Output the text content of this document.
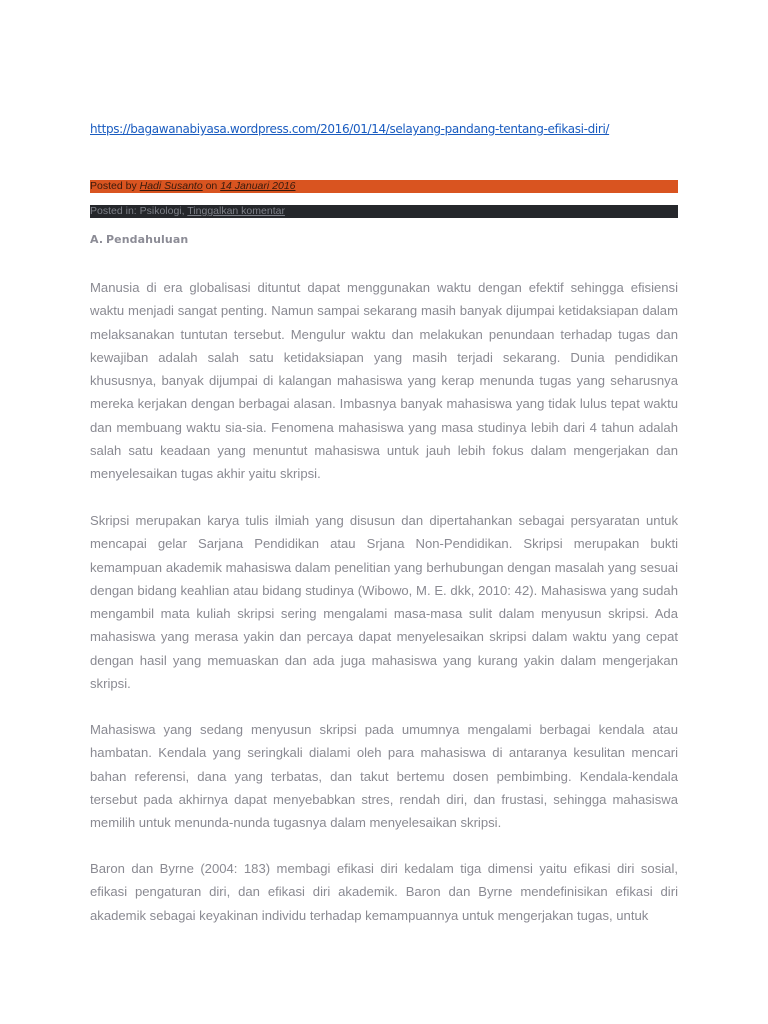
https://bagawanabiyasa.wordpress.com/2016/01/14/selayang-pandang-tentang-efikasi-diri/
Posted by Hadi Susanto on 14 Januari 2016
Posted in: Psikologi, Tinggalkan komentar
A. Pendahuluan

Manusia di era globalisasi dituntut dapat menggunakan waktu dengan efektif sehingga efisiensi waktu menjadi sangat penting. Namun sampai sekarang masih banyak dijumpai ketidaksiapan dalam melaksanakan tuntutan tersebut. Mengulur waktu dan melakukan penundaan terhadap tugas dan kewajiban adalah salah satu ketidaksiapan yang masih terjadi sekarang. Dunia pendidikan khususnya, banyak dijumpai di kalangan mahasiswa yang kerap menunda tugas yang seharusnya mereka kerjakan dengan berbagai alasan. Imbasnya banyak mahasiswa yang tidak lulus tepat waktu dan membuang waktu sia-sia. Fenomena mahasiswa yang masa studinya lebih dari 4 tahun adalah salah satu keadaan yang menuntut mahasiswa untuk jauh lebih fokus dalam mengerjakan dan menyelesaikan tugas akhir yaitu skripsi.

Skripsi merupakan karya tulis ilmiah yang disusun dan dipertahankan sebagai persyaratan untuk mencapai gelar Sarjana Pendidikan atau Srjana Non-Pendidikan. Skripsi merupakan bukti kemampuan akademik mahasiswa dalam penelitian yang berhubungan dengan masalah yang sesuai dengan bidang keahlian atau bidang studinya (Wibowo, M. E. dkk, 2010: 42). Mahasiswa yang sudah mengambil mata kuliah skripsi sering mengalami masa-masa sulit dalam menyusun skripsi. Ada mahasiswa yang merasa yakin dan percaya dapat menyelesaikan skripsi dalam waktu yang cepat dengan hasil yang memuaskan dan ada juga mahasiswa yang kurang yakin dalam mengerjakan skripsi.

Mahasiswa yang sedang menyusun skripsi pada umumnya mengalami berbagai kendala atau hambatan. Kendala yang seringkali dialami oleh para mahasiswa di antaranya kesulitan mencari bahan referensi, dana yang terbatas, dan takut bertemu dosen pembimbing. Kendala-kendala tersebut pada akhirnya dapat menyebabkan stres, rendah diri, dan frustasi, sehingga mahasiswa memilih untuk menunda-nunda tugasnya dalam menyelesaikan skripsi.

Baron dan Byrne (2004: 183) membagi efikasi diri kedalam tiga dimensi yaitu efikasi diri sosial, efikasi pengaturan diri, dan efikasi diri akademik. Baron dan Byrne mendefinisikan efikasi diri akademik sebagai keyakinan individu terhadap kemampuannya untuk mengerjakan tugas, untuk
